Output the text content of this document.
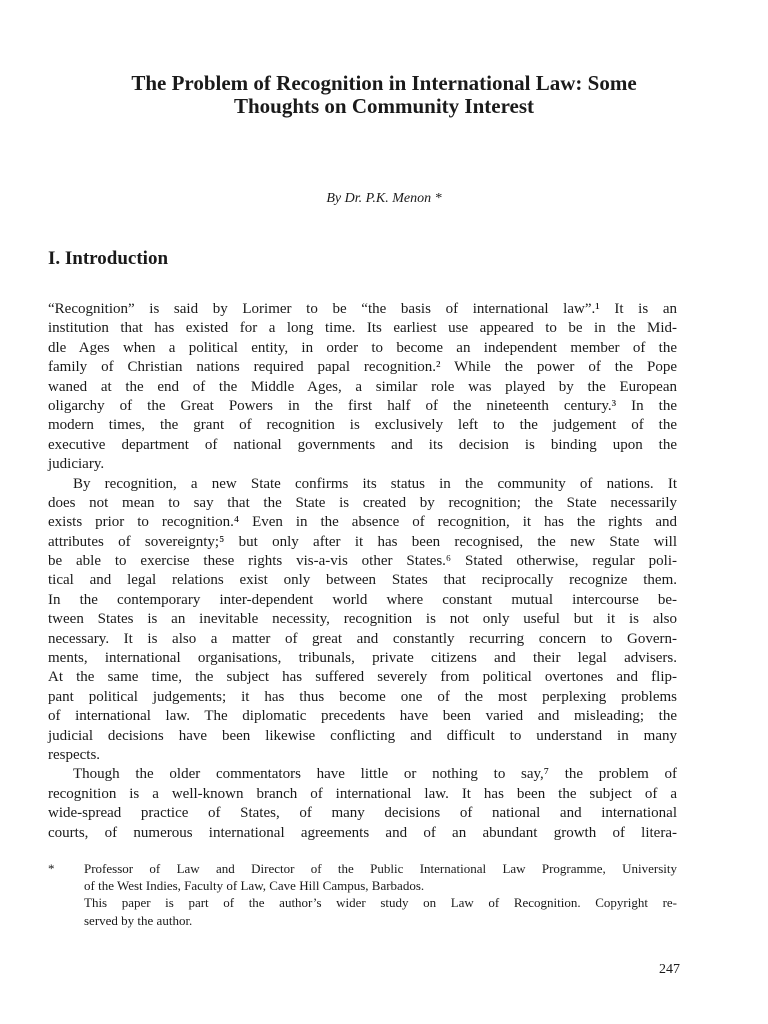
The Problem of Recognition in International Law: Some
Thoughts on Community Interest

By Dr. P.K. Menon *

I. Introduction
“Recognition” is said by Lorimer to be “the basis of international law”.¹ It is an
institution that has existed for a long time. Its earliest use appeared to be in the Mid-
dle Ages when a political entity, in order to become an independent member of the
family of Christian nations required papal recognition.² While the power of the Pope
waned at the end of the Middle Ages, a similar role was played by the European
oligarchy of the Great Powers in the first half of the nineteenth century.³ In the
modern times, the grant of recognition is exclusively left to the judgement of the
executive department of national governments and its decision is binding upon the
judiciary.
By recognition, a new State confirms its status in the community of nations. It
does not mean to say that the State is created by recognition; the State necessarily
exists prior to recognition.⁴ Even in the absence of recognition, it has the rights and
attributes of sovereignty;⁵ but only after it has been recognised, the new State will
be able to exercise these rights vis-a-vis other States.⁶ Stated otherwise, regular poli-
tical and legal relations exist only between States that reciprocally recognize them.
In the contemporary inter-dependent world where constant mutual intercourse be-
tween States is an inevitable necessity, recognition is not only useful but it is also
necessary. It is also a matter of great and constantly recurring concern to Govern-
ments, international organisations, tribunals, private citizens and their legal advisers.
At the same time, the subject has suffered severely from political overtones and flip-
pant political judgements; it has thus become one of the most perplexing problems
of international law. The diplomatic precedents have been varied and misleading; the
judicial decisions have been likewise conflicting and difficult to understand in many
respects.
Though the older commentators have little or nothing to say,⁷ the problem of
recognition is a well-known branch of international law. It has been the subject of a
wide-spread practice of States, of many decisions of national and international
courts, of numerous international agreements and of an abundant growth of litera-
* Professor of Law and Director of the Public International Law Programme, University
of the West Indies, Faculty of Law, Cave Hill Campus, Barbados.
This paper is part of the author’s wider study on Law of Recognition. Copyright re-
served by the author.
247
